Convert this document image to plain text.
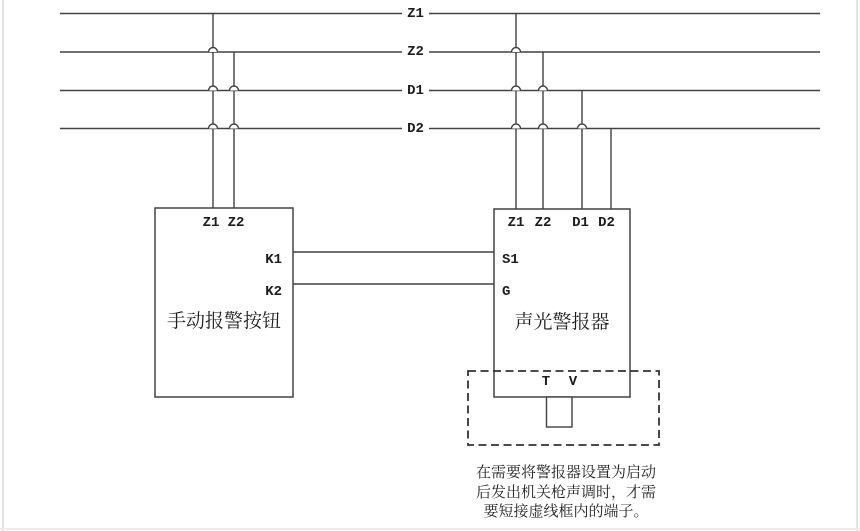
Z1
Z2
D1
D2
Z1 Z2
K1
K2
手动报警按钮
Z1 Z2	D1 D2
S1
G
声光警报器
T	V
在需要将警报器设置为启动
后发出机关枪声调时，才需
要短接虚线框内的端子。
